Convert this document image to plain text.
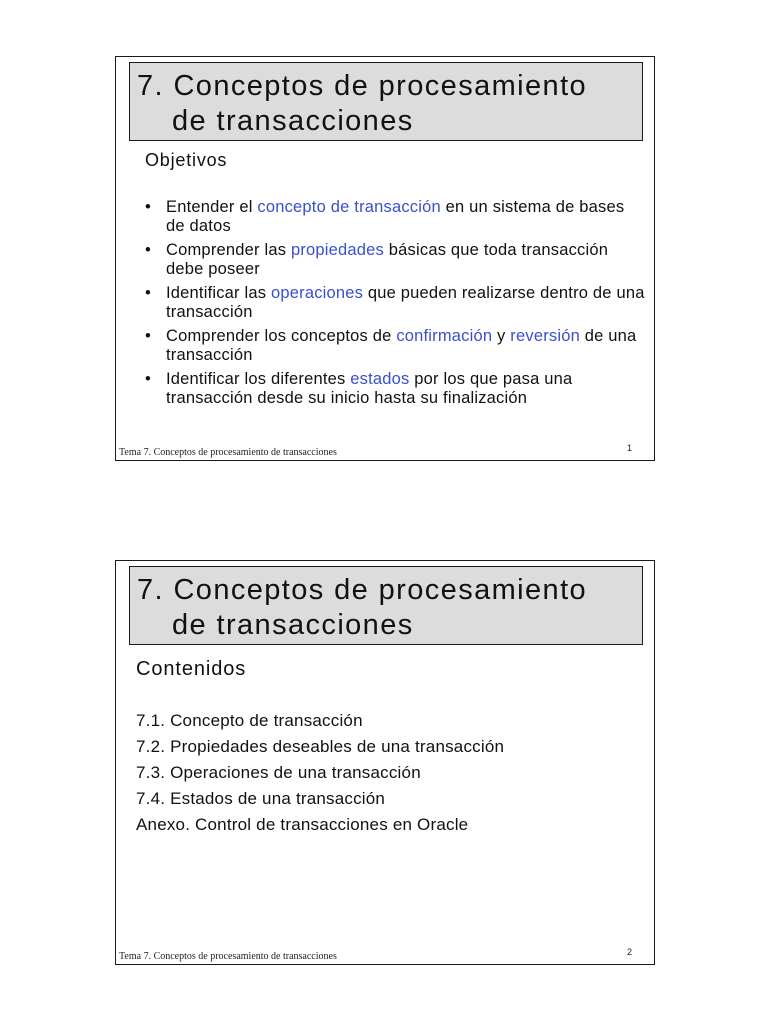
7. Conceptos de procesamiento
de transacciones
Objetivos
• Entender el concepto de transacción en un sistema de bases de datos
• Comprender las propiedades básicas que toda transacción debe poseer
• Identificar las operaciones que pueden realizarse dentro de una transacción
• Comprender los conceptos de confirmación y reversión de una transacción
• Identificar los diferentes estados por los que pasa una transacción desde su inicio hasta su finalización
Tema 7. Conceptos de procesamiento de transacciones	1
7. Conceptos de procesamiento
de transacciones
Contenidos
7.1. Concepto de transacción
7.2. Propiedades deseables de una transacción
7.3. Operaciones de una transacción
7.4. Estados de una transacción
Anexo. Control de transacciones en Oracle
Tema 7. Conceptos de procesamiento de transacciones	2
